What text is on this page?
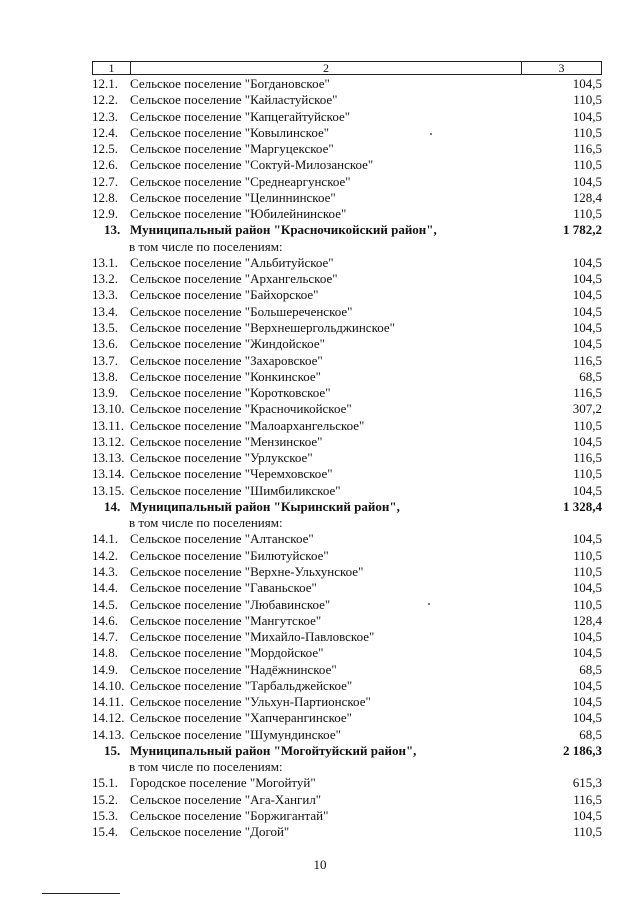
1	2	3
12.1. Сельское поселение "Богдановское"	104,5
12.2. Сельское поселение "Кайластуйское"	110,5
12.3. Сельское поселение "Капцегайтуйское"	104,5
12.4. Сельское поселение "Ковылинское"	110,5
12.5. Сельское поселение "Маргуцекское"	116,5
12.6. Сельское поселение "Соктуй-Милозанское"	110,5
12.7. Сельское поселение "Среднеаргунское"	104,5
12.8. Сельское поселение "Целиннинское"	128,4
12.9. Сельское поселение "Юбилейнинское"	110,5
13. Муниципальный район "Красночикойский район",	1 782,2
в том числе по поселениям:
13.1. Сельское поселение "Альбитуйское"	104,5
13.2. Сельское поселение "Архангельское"	104,5
13.3. Сельское поселение "Байхорское"	104,5
13.4. Сельское поселение "Большереченское"	104,5
13.5. Сельское поселение "Верхнешергольджинское"	104,5
13.6. Сельское поселение "Жиндойское"	104,5
13.7. Сельское поселение "Захаровское"	116,5
13.8. Сельское поселение "Конкинское"	68,5
13.9. Сельское поселение "Коротковское"	116,5
13.10. Сельское поселение "Красночикойское"	307,2
13.11. Сельское поселение "Малоархангельское"	110,5
13.12. Сельское поселение "Мензинское"	104,5
13.13. Сельское поселение "Урлукское"	116,5
13.14. Сельское поселение "Черемховское"	110,5
13.15. Сельское поселение "Шимбиликское"	104,5
14. Муниципальный район "Кыринский район",	1 328,4
в том числе по поселениям:
14.1. Сельское поселение "Алтанское"	104,5
14.2. Сельское поселение "Билютуйское"	110,5
14.3. Сельское поселение "Верхне-Ульхунское"	110,5
14.4. Сельское поселение "Гаваньское"	104,5
14.5. Сельское поселение "Любавинское"	110,5
14.6. Сельское поселение "Мангутское"	128,4
14.7. Сельское поселение "Михайло-Павловское"	104,5
14.8. Сельское поселение "Мордойское"	104,5
14.9. Сельское поселение "Надёжнинское"	68,5
14.10. Сельское поселение "Тарбальджейское"	104,5
14.11. Сельское поселение "Ульхун-Партионское"	104,5
14.12. Сельское поселение "Хапчерангинское"	104,5
14.13. Сельское поселение "Шумундинское"	68,5
15. Муниципальный район "Могойтуйский район",	2 186,3
в том числе по поселениям:
15.1. Городское поселение "Могойтуй"	615,3
15.2. Сельское поселение "Ага-Хангил"	116,5
15.3. Сельское поселение "Боржигантай"	104,5
15.4. Сельское поселение "Догой"	110,5
10
